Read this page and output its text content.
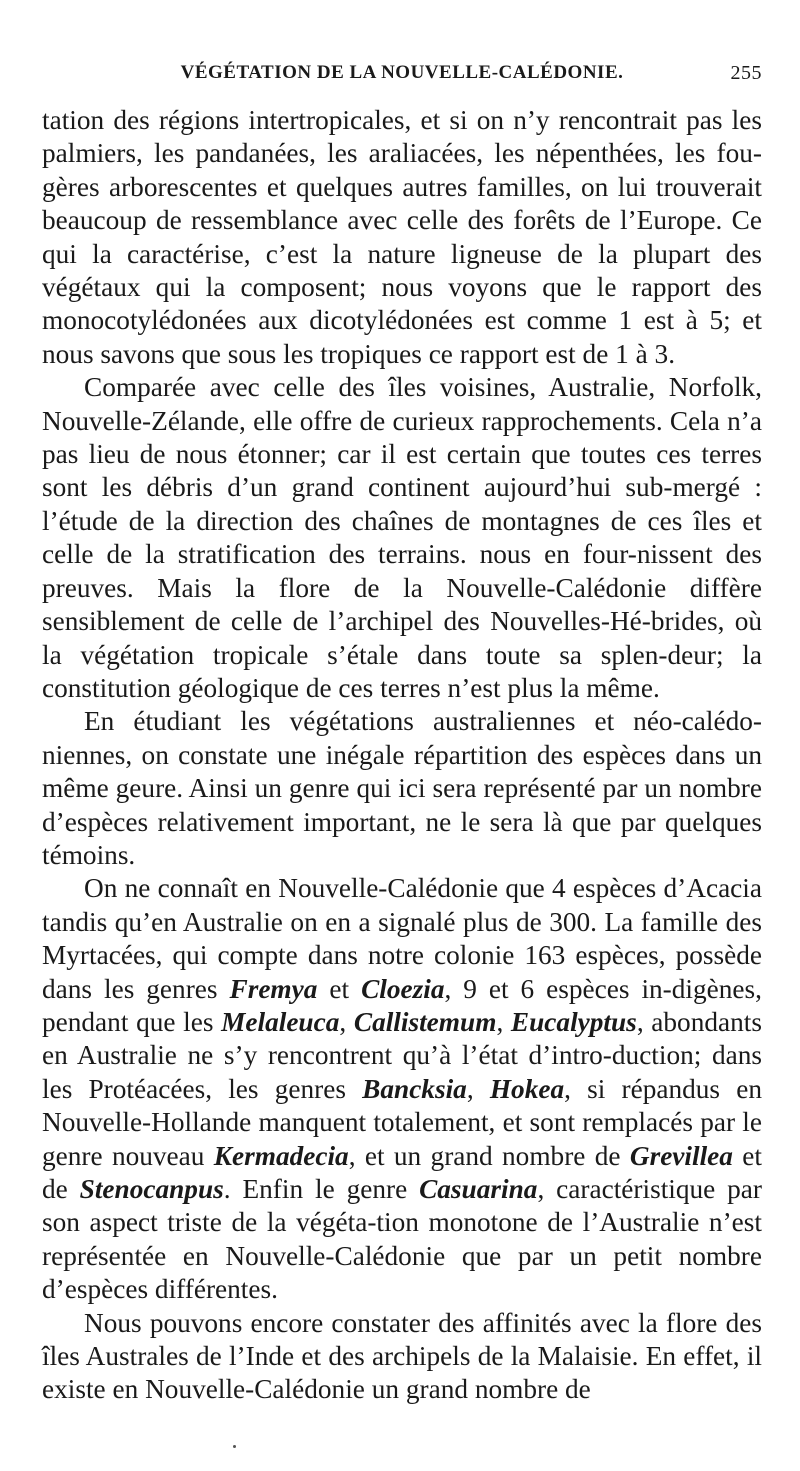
VÉGÉTATION DE LA NOUVELLE-CALÉDONIE.	255

tation des régions intertropicales, et si on n’y rencontrait pas les palmiers, les pandanées, les araliacées, les népenthées, les fou-gères arborescentes et quelques autres familles, on lui trouverait beaucoup de ressemblance avec celle des forêts de l’Europe. Ce qui la caractérise, c’est la nature ligneuse de la plupart des végétaux qui la composent; nous voyons que le rapport des monocotylédonées aux dicotylédonées est comme 1 est à 5; et nous savons que sous les tropiques ce rapport est de 1 à 3.

Comparée avec celle des îles voisines, Australie, Norfolk, Nouvelle-Zélande, elle offre de curieux rapprochements. Cela n’a pas lieu de nous étonner; car il est certain que toutes ces terres sont les débris d’un grand continent aujourd’hui sub-mergé : l’étude de la direction des chaînes de montagnes de ces îles et celle de la stratification des terrains. nous en four-nissent des preuves. Mais la flore de la Nouvelle-Calédonie diffère sensiblement de celle de l’archipel des Nouvelles-Hé-brides, où la végétation tropicale s’étale dans toute sa splen-deur; la constitution géologique de ces terres n’est plus la même.

En étudiant les végétations australiennes et néo-calédo-niennes, on constate une inégale répartition des espèces dans un même geure. Ainsi un genre qui ici sera représenté par un nombre d’espèces relativement important, ne le sera là que par quelques témoins.

On ne connaît en Nouvelle-Calédonie que 4 espèces d’Acacia tandis qu’en Australie on en a signalé plus de 300. La famille des Myrtacées, qui compte dans notre colonie 163 espèces, possède dans les genres Fremya et Cloezia, 9 et 6 espèces in-digènes, pendant que les Melaleuca, Callistemum, Eucalyptus, abondants en Australie ne s’y rencontrent qu’à l’état d’intro-duction; dans les Protéacées, les genres Bancksia, Hokea, si répandus en Nouvelle-Hollande manquent totalement, et sont remplacés par le genre nouveau Kermadecia, et un grand nombre de Grevillea et de Stenocanpus. Enfin le genre Casuarina, caractéristique par son aspect triste de la végéta-tion monotone de l’Australie n’est représentée en Nouvelle-Calédonie que par un petit nombre d’espèces différentes.

Nous pouvons encore constater des affinités avec la flore des îles Australes de l’Inde et des archipels de la Malaisie. En effet, il existe en Nouvelle-Calédonie un grand nombre de
